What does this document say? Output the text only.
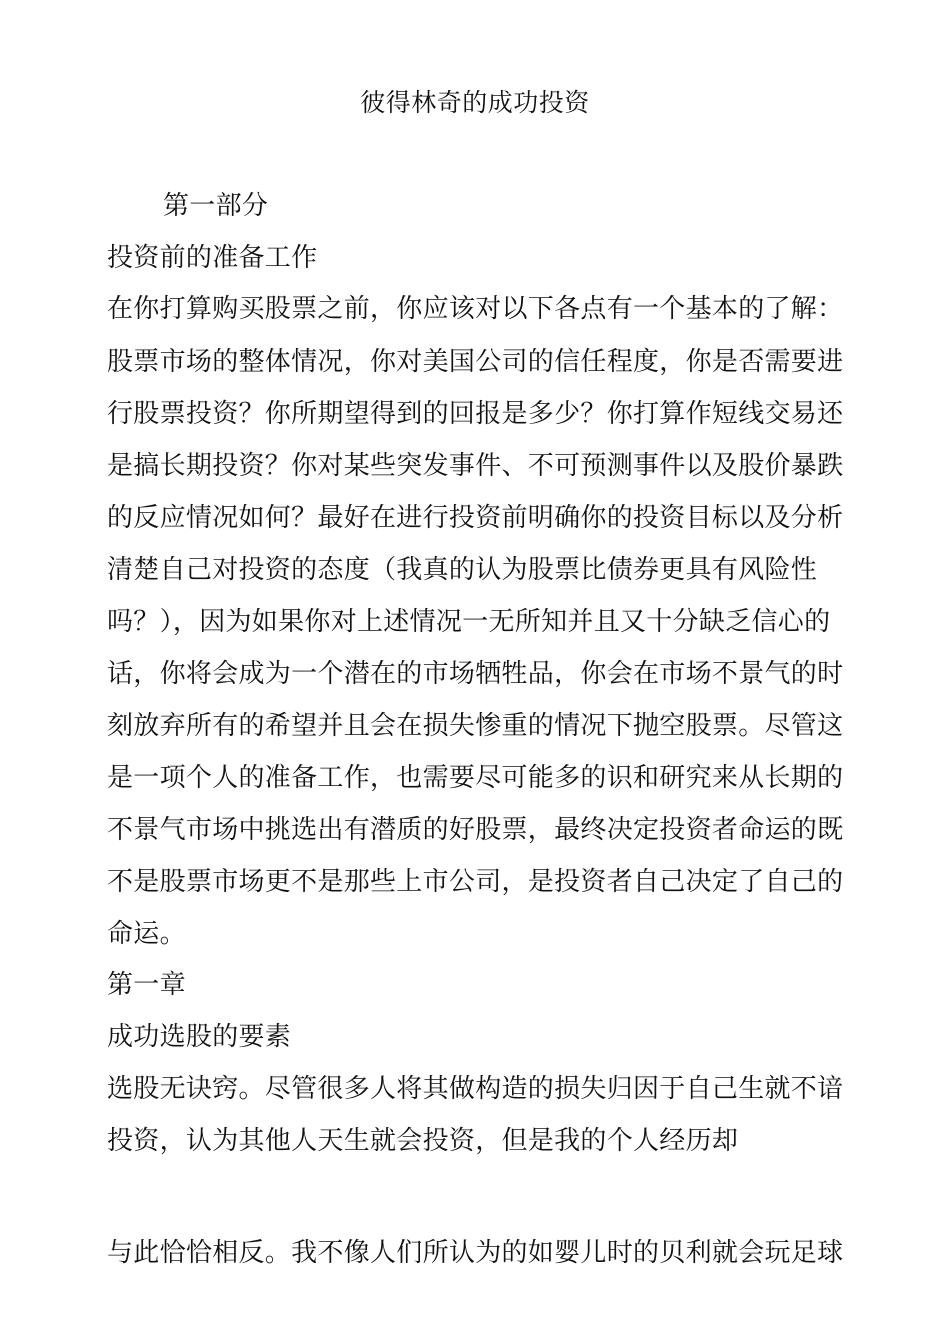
彼得林奇的成功投资
第一部分
投资前的准备工作
在你打算购买股票之前，你应该对以下各点有一个基本的了解：
股票市场的整体情况，你对美国公司的信任程度，你是否需要进
行股票投资？你所期望得到的回报是多少？你打算作短线交易还
是搞长期投资？你对某些突发事件、不可预测事件以及股价暴跌
的反应情况如何？最好在进行投资前明确你的投资目标以及分析
清楚自己对投资的态度（我真的认为股票比债券更具有风险性
吗？），因为如果你对上述情况一无所知并且又十分缺乏信心的
话，你将会成为一个潜在的市场牺牲品，你会在市场不景气的时
刻放弃所有的希望并且会在损失惨重的情况下抛空股票。尽管这
是一项个人的准备工作，也需要尽可能多的识和研究来从长期的
不景气市场中挑选出有潜质的好股票，最终决定投资者命运的既
不是股票市场更不是那些上市公司，是投资者自己决定了自己的
命运。
第一章
成功选股的要素
选股无诀窍。尽管很多人将其做构造的损失归因于自己生就不谙
投资，认为其他人天生就会投资，但是我的个人经历却
与此恰恰相反。我不像人们所认为的如婴儿时的贝利就会玩足球
